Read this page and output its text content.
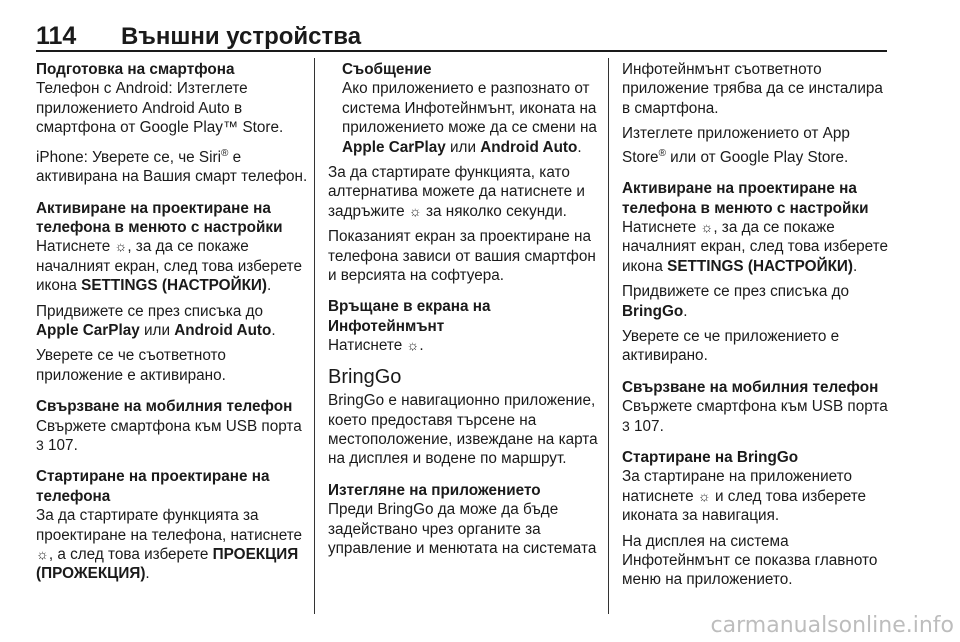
114 Външни устройства
Подготовка на смартфона
Телефон с Android: Изтеглете приложението Android Auto в смартфона от Google Play™ Store.
iPhone: Уверете се, че Siri® е активирана на Вашия смарт телефон.
Активиране на проектиране на телефона в менюто с настройки
Натиснете ☼, за да се покаже началният екран, след това изберете икона SETTINGS (НАСТРОЙКИ).
Придвижете се през списъка до Apple CarPlay или Android Auto.
Уверете се че съответното приложение е активирано.
Свързване на мобилния телефон
Свържете смартфона към USB порта 3 107.
Стартиране на проектиране на телефона
За да стартирате функцията за проектиране на телефона, натиснете ☼, а след това изберете ПРОЕКЦИЯ (ПРОЖЕКЦИЯ).
Съобщение
Ако приложението е разпознато от система Инфотейнмънт, иконата на приложението може да се смени на Apple CarPlay или Android Auto.
За да стартирате функцията, като алтернатива можете да натиснете и задръжите ☼ за няколко секунди.
Показаният екран за проектиране на телефона зависи от вашия смартфон и версията на софтуера.
Връщане в екрана на Инфотейнмънт
Натиснете ☼.
BringGo
BringGo е навигационно приложение, което предоставя търсене на местоположение, извеждане на карта на дисплея и водене по маршрут.
Изтегляне на приложението
Преди BringGo да може да бъде задействано чрез органите за управление и менютата на системата
Инфотейнмънт съответното приложение трябва да се инсталира в смартфона.
Изтеглете приложението от App Store® или от Google Play Store.
Активиране на проектиране на телефона в менюто с настройки
Натиснете ☼, за да се покаже началният екран, след това изберете икона SETTINGS (НАСТРОЙКИ).
Придвижете се през списъка до BringGo.
Уверете се че приложението е активирано.
Свързване на мобилния телефон
Свържете смартфона към USB порта 3 107.
Стартиране на BringGo
За стартиране на приложението натиснете ☼ и след това изберете иконата за навигация.
На дисплея на система Инфотейнмънт се показва главното меню на приложението.
carmanualsonline.info
